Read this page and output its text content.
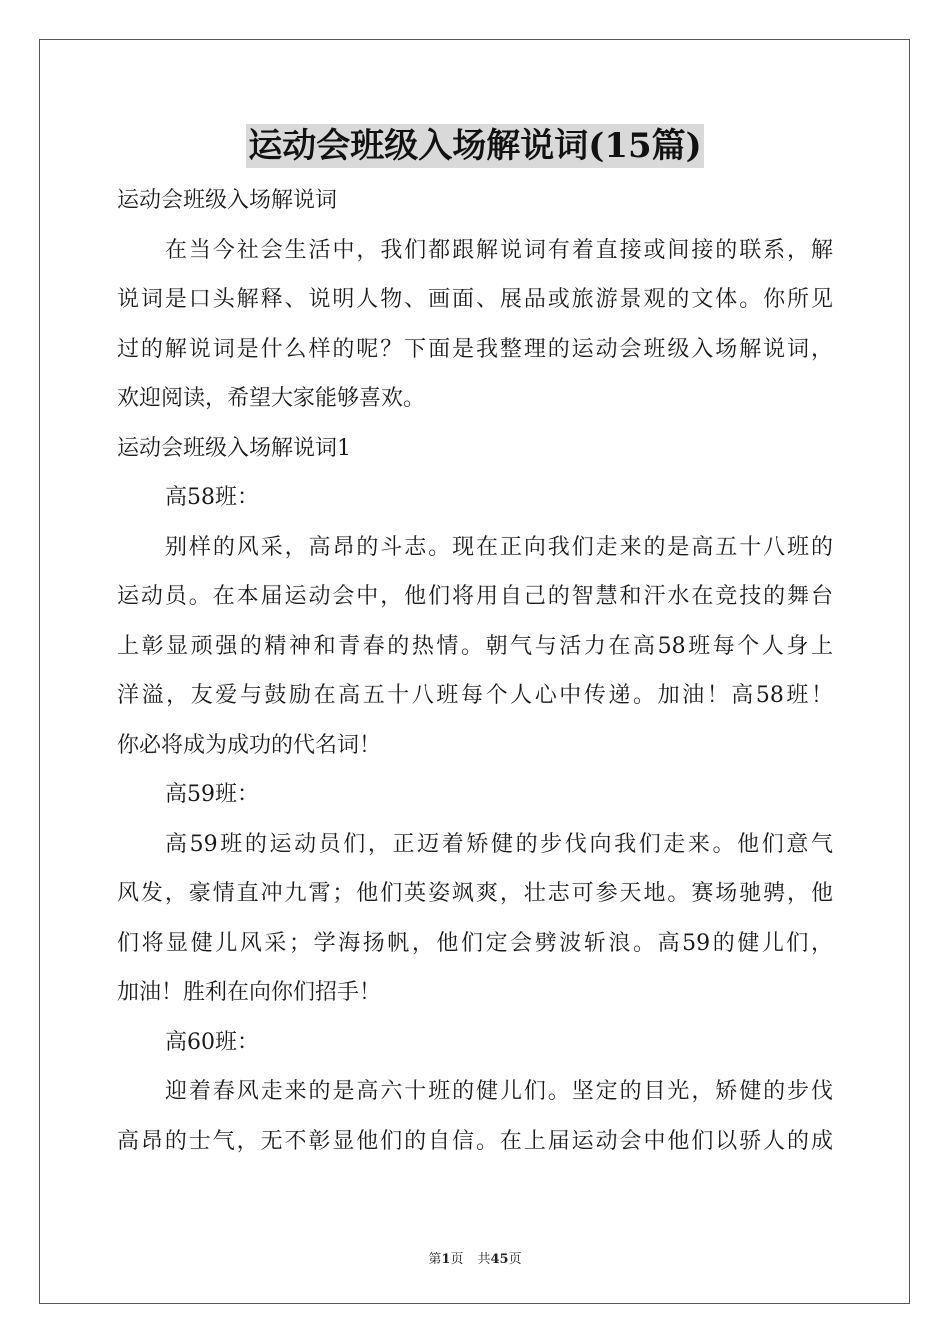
运动会班级入场解说词(15篇)
运动会班级入场解说词
在当今社会生活中，我们都跟解说词有着直接或间接的联系，解
说词是口头解释、说明人物、画面、展品或旅游景观的文体。你所见
过的解说词是什么样的呢？下面是我整理的运动会班级入场解说词，
欢迎阅读，希望大家能够喜欢。
运动会班级入场解说词1
高58班：
别样的风采，高昂的斗志。现在正向我们走来的是高五十八班的
运动员。在本届运动会中，他们将用自己的智慧和汗水在竞技的舞台
上彰显顽强的精神和青春的热情。朝气与活力在高58班每个人身上
洋溢，友爱与鼓励在高五十八班每个人心中传递。加油！高58班！
你必将成为成功的代名词！
高59班：
高59班的运动员们，正迈着矫健的步伐向我们走来。他们意气
风发，豪情直冲九霄；他们英姿飒爽，壮志可参天地。赛场驰骋，他
们将显健儿风采；学海扬帆，他们定会劈波斩浪。高59的健儿们，
加油！胜利在向你们招手！
高60班：
迎着春风走来的是高六十班的健儿们。坚定的目光，矫健的步伐
高昂的士气，无不彰显他们的自信。在上届运动会中他们以骄人的成
第1页 共45页
